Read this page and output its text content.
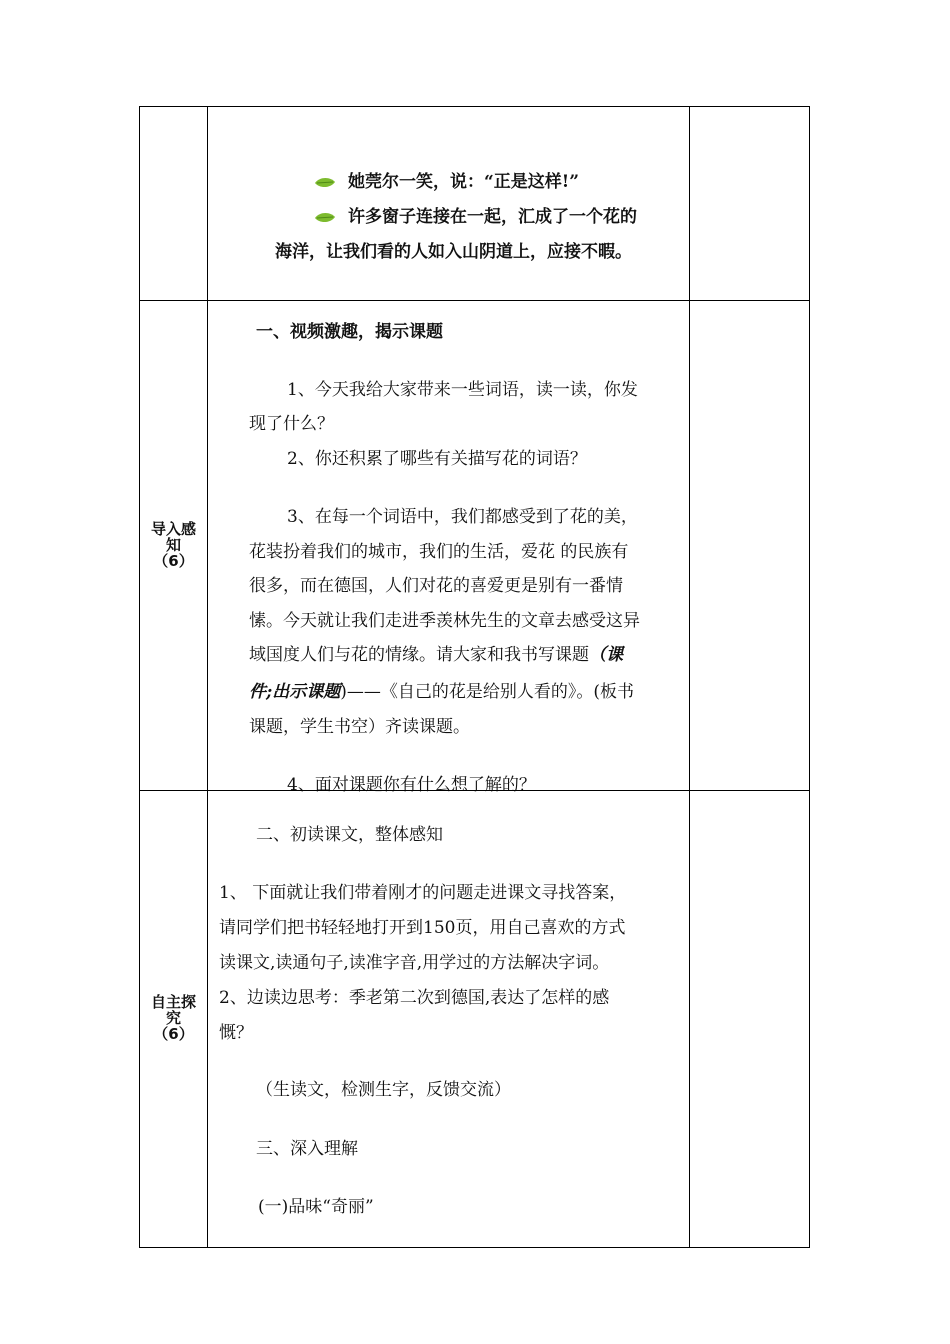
她莞尔一笑，说：“正是这样!”
许多窗子连接在一起，汇成了一个花的
海洋，让我们看的人如入山阴道上，应接不暇。
导入感
知
（6）
一、视频激趣，揭示课题
1、今天我给大家带来一些词语，读一读，你发
现了什么？
2、你还积累了哪些有关描写花的词语？
3、在每一个词语中，我们都感受到了花的美，
花装扮着我们的城市，我们的生活，爱花 的民族有
很多，而在德国，人们对花的喜爱更是别有一番情
愫。今天就让我们走进季羡林先生的文章去感受这异
域国度人们与花的情缘。请大家和我书写课题（课
件;出示课题)——《自己的花是给别人看的》。(板书
课题，学生书空）齐读课题。
4、面对课题你有什么想了解的？
自主探
究
（6）
二、初读课文，整体感知
1、 下面就让我们带着刚才的问题走进课文寻找答案，
请同学们把书轻轻地打开到150页，用自己喜欢的方式
读课文,读通句子,读准字音,用学过的方法解决字词。
2、边读边思考：季老第二次到德国,表达了怎样的感
慨？
（生读文，检测生字，反馈交流）
三、深入理解
(一)品味“奇丽”
